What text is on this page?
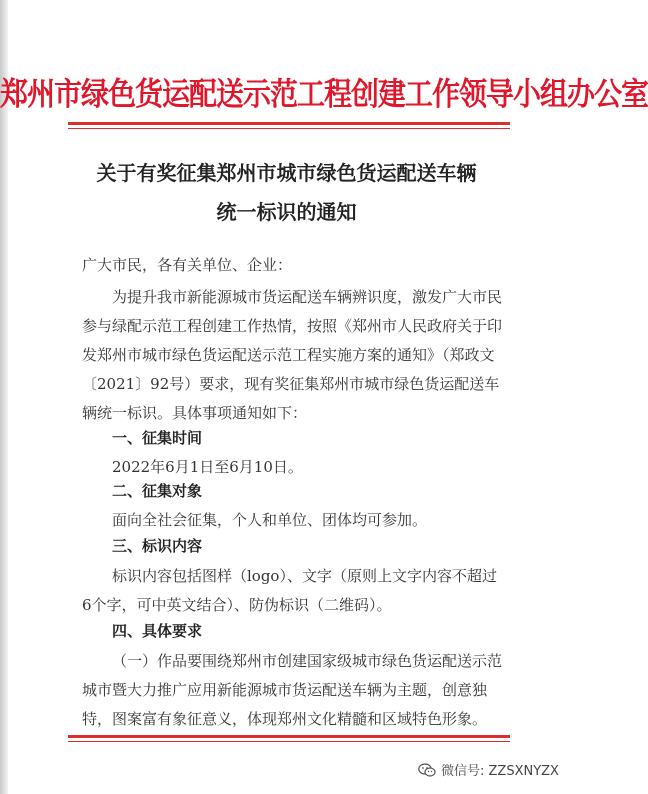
郑州市绿色货运配送示范工程创建工作领导小组办公室
关于有奖征集郑州市城市绿色货运配送车辆
统一标识的通知
广大市民，各有关单位、企业：
为提升我市新能源城市货运配送车辆辨识度，激发广大市民
参与绿配示范工程创建工作热情，按照《郑州市人民政府关于印
发郑州市城市绿色货运配送示范工程实施方案的通知》（郑政文
〔2021〕92号）要求，现有奖征集郑州市城市绿色货运配送车
辆统一标识。具体事项通知如下：
一、征集时间
2022年6月1日至6月10日。
二、征集对象
面向全社会征集，个人和单位、团体均可参加。
三、标识内容
标识内容包括图样（logo）、文字（原则上文字内容不超过
6个字，可中英文结合）、防伪标识（二维码）。
四、具体要求
（一）作品要围绕郑州市创建国家级城市绿色货运配送示范
城市暨大力推广应用新能源城市货运配送车辆为主题，创意独
特，图案富有象征意义，体现郑州文化精髓和区域特色形象。
微信号: ZZSXNYZX
